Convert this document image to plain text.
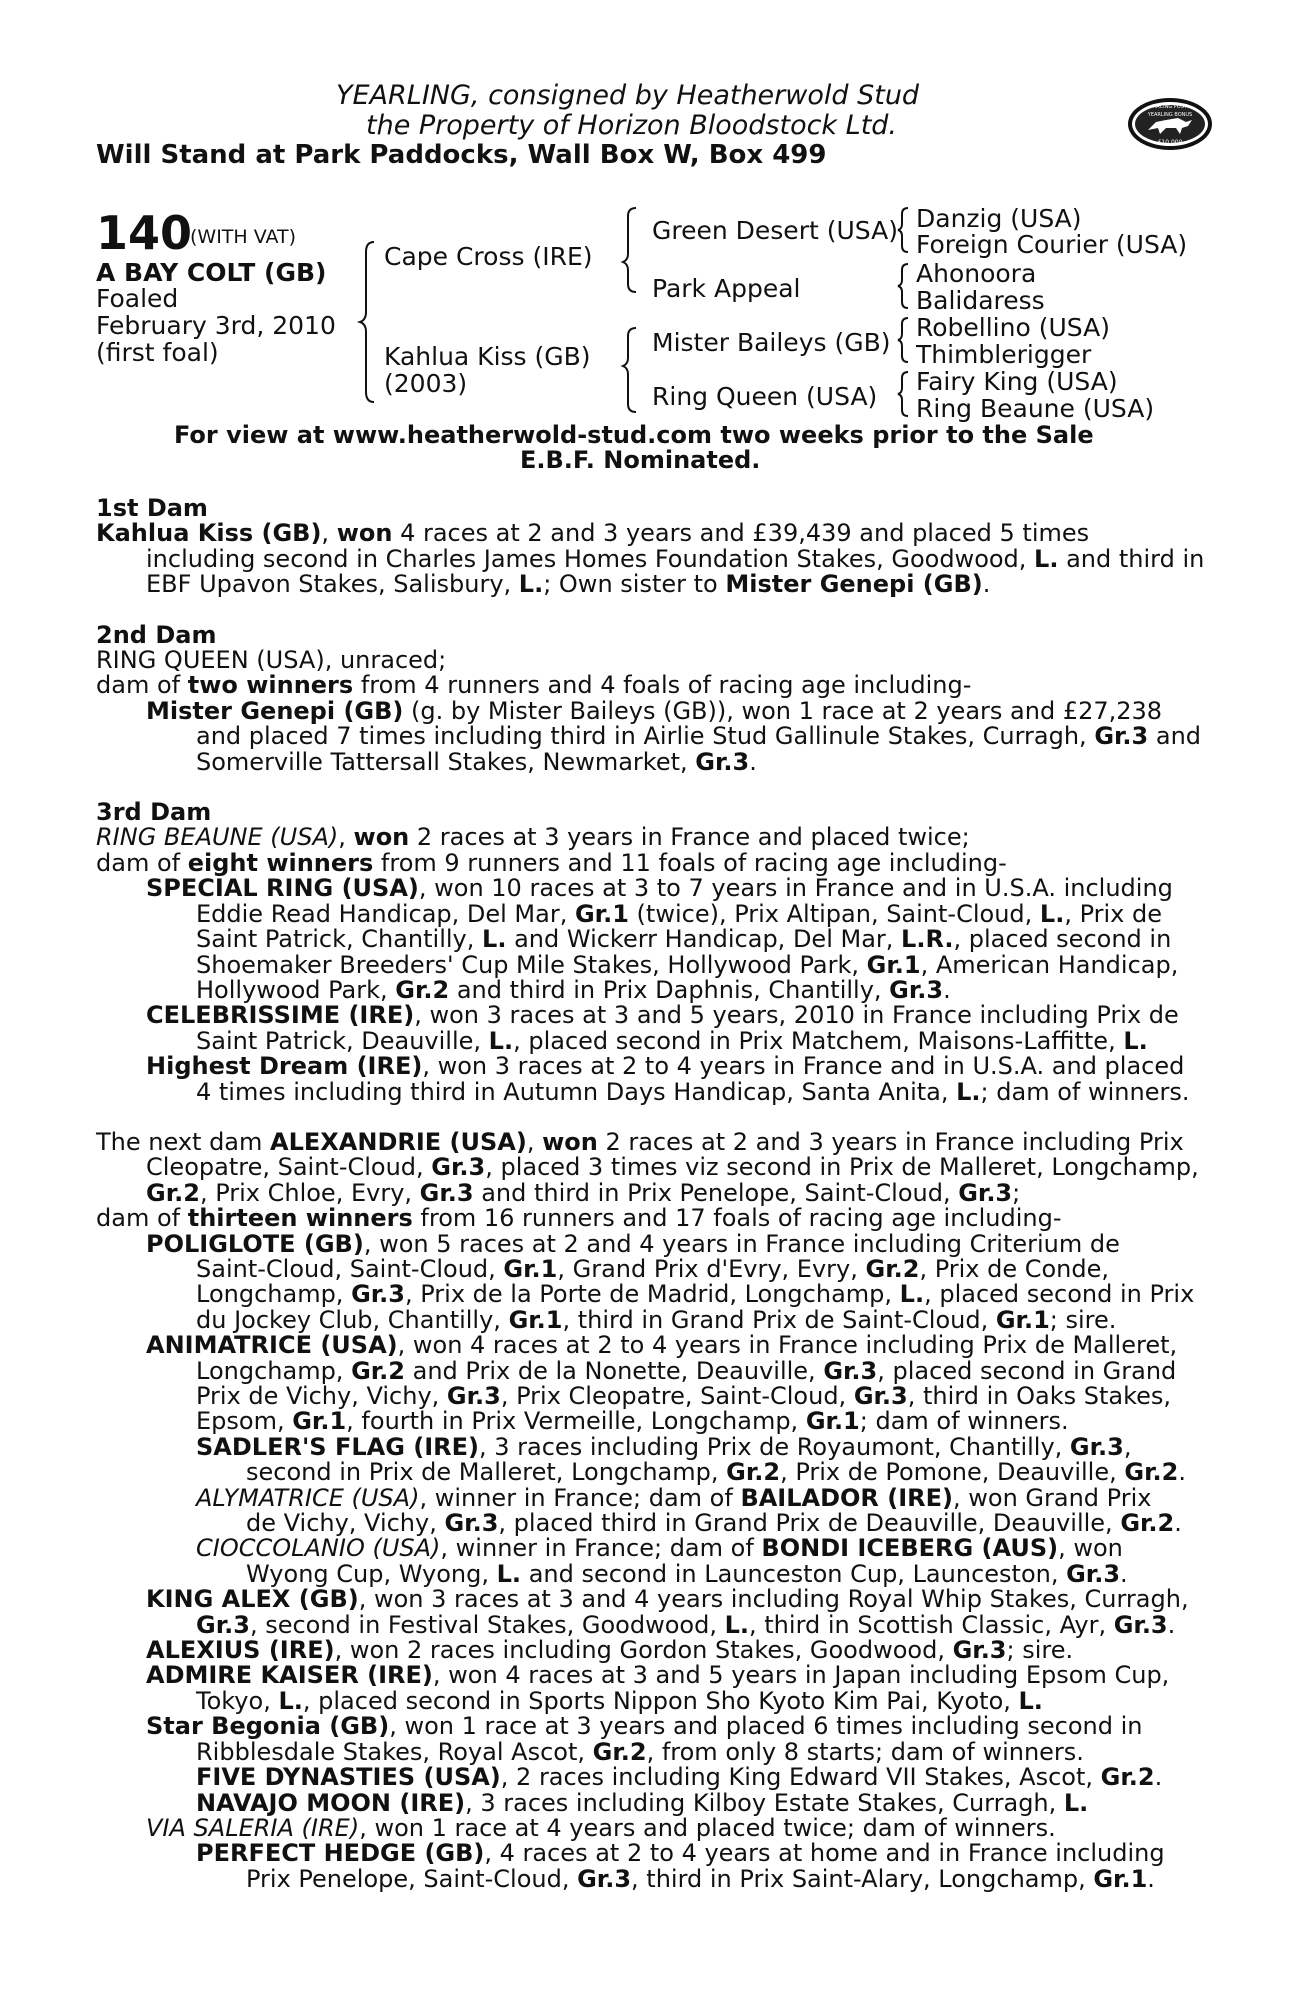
YEARLING, consigned by Heatherwold Stud
the Property of Horizon Bloodstock Ltd.
Will Stand at Park Paddocks, Wall Box W, Box 499
RACING POST
YEARLING BONUS
£10,000
140
(WITH VAT)
A BAY COLT (GB)
Foaled
February 3rd, 2010
(first foal)
Cape Cross (IRE)
Kahlua Kiss (GB)
(2003)
Green Desert (USA)
Park Appeal
Mister Baileys (GB)
Ring Queen (USA)
Danzig (USA)
Foreign Courier (USA)
Ahonoora
Balidaress
Robellino (USA)
Thimblerigger
Fairy King (USA)
Ring Beaune (USA)
For view at www.heatherwold-stud.com two weeks prior to the Sale
E.B.F. Nominated.
1st Dam
Kahlua Kiss (GB), won 4 races at 2 and 3 years and £39,439 and placed 5 times
including second in Charles James Homes Foundation Stakes, Goodwood, L. and third in
EBF Upavon Stakes, Salisbury, L.; Own sister to Mister Genepi (GB).
2nd Dam
RING QUEEN (USA), unraced;
dam of two winners from 4 runners and 4 foals of racing age including-
Mister Genepi (GB) (g. by Mister Baileys (GB)), won 1 race at 2 years and £27,238
and placed 7 times including third in Airlie Stud Gallinule Stakes, Curragh, Gr.3 and
Somerville Tattersall Stakes, Newmarket, Gr.3.
3rd Dam
RING BEAUNE (USA), won 2 races at 3 years in France and placed twice;
dam of eight winners from 9 runners and 11 foals of racing age including-
SPECIAL RING (USA), won 10 races at 3 to 7 years in France and in U.S.A. including
Eddie Read Handicap, Del Mar, Gr.1 (twice), Prix Altipan, Saint-Cloud, L., Prix de
Saint Patrick, Chantilly, L. and Wickerr Handicap, Del Mar, L.R., placed second in
Shoemaker Breeders' Cup Mile Stakes, Hollywood Park, Gr.1, American Handicap,
Hollywood Park, Gr.2 and third in Prix Daphnis, Chantilly, Gr.3.
CELEBRISSIME (IRE), won 3 races at 3 and 5 years, 2010 in France including Prix de
Saint Patrick, Deauville, L., placed second in Prix Matchem, Maisons-Laffitte, L.
Highest Dream (IRE), won 3 races at 2 to 4 years in France and in U.S.A. and placed
4 times including third in Autumn Days Handicap, Santa Anita, L.; dam of winners.
The next dam ALEXANDRIE (USA), won 2 races at 2 and 3 years in France including Prix
Cleopatre, Saint-Cloud, Gr.3, placed 3 times viz second in Prix de Malleret, Longchamp,
Gr.2, Prix Chloe, Evry, Gr.3 and third in Prix Penelope, Saint-Cloud, Gr.3;
dam of thirteen winners from 16 runners and 17 foals of racing age including-
POLIGLOTE (GB), won 5 races at 2 and 4 years in France including Criterium de
Saint-Cloud, Saint-Cloud, Gr.1, Grand Prix d'Evry, Evry, Gr.2, Prix de Conde,
Longchamp, Gr.3, Prix de la Porte de Madrid, Longchamp, L., placed second in Prix
du Jockey Club, Chantilly, Gr.1, third in Grand Prix de Saint-Cloud, Gr.1; sire.
ANIMATRICE (USA), won 4 races at 2 to 4 years in France including Prix de Malleret,
Longchamp, Gr.2 and Prix de la Nonette, Deauville, Gr.3, placed second in Grand
Prix de Vichy, Vichy, Gr.3, Prix Cleopatre, Saint-Cloud, Gr.3, third in Oaks Stakes,
Epsom, Gr.1, fourth in Prix Vermeille, Longchamp, Gr.1; dam of winners.
SADLER'S FLAG (IRE), 3 races including Prix de Royaumont, Chantilly, Gr.3,
second in Prix de Malleret, Longchamp, Gr.2, Prix de Pomone, Deauville, Gr.2.
ALYMATRICE (USA), winner in France; dam of BAILADOR (IRE), won Grand Prix
de Vichy, Vichy, Gr.3, placed third in Grand Prix de Deauville, Deauville, Gr.2.
CIOCCOLANIO (USA), winner in France; dam of BONDI ICEBERG (AUS), won
Wyong Cup, Wyong, L. and second in Launceston Cup, Launceston, Gr.3.
KING ALEX (GB), won 3 races at 3 and 4 years including Royal Whip Stakes, Curragh,
Gr.3, second in Festival Stakes, Goodwood, L., third in Scottish Classic, Ayr, Gr.3.
ALEXIUS (IRE), won 2 races including Gordon Stakes, Goodwood, Gr.3; sire.
ADMIRE KAISER (IRE), won 4 races at 3 and 5 years in Japan including Epsom Cup,
Tokyo, L., placed second in Sports Nippon Sho Kyoto Kim Pai, Kyoto, L.
Star Begonia (GB), won 1 race at 3 years and placed 6 times including second in
Ribblesdale Stakes, Royal Ascot, Gr.2, from only 8 starts; dam of winners.
FIVE DYNASTIES (USA), 2 races including King Edward VII Stakes, Ascot, Gr.2.
NAVAJO MOON (IRE), 3 races including Kilboy Estate Stakes, Curragh, L.
VIA SALERIA (IRE), won 1 race at 4 years and placed twice; dam of winners.
PERFECT HEDGE (GB), 4 races at 2 to 4 years at home and in France including
Prix Penelope, Saint-Cloud, Gr.3, third in Prix Saint-Alary, Longchamp, Gr.1.
